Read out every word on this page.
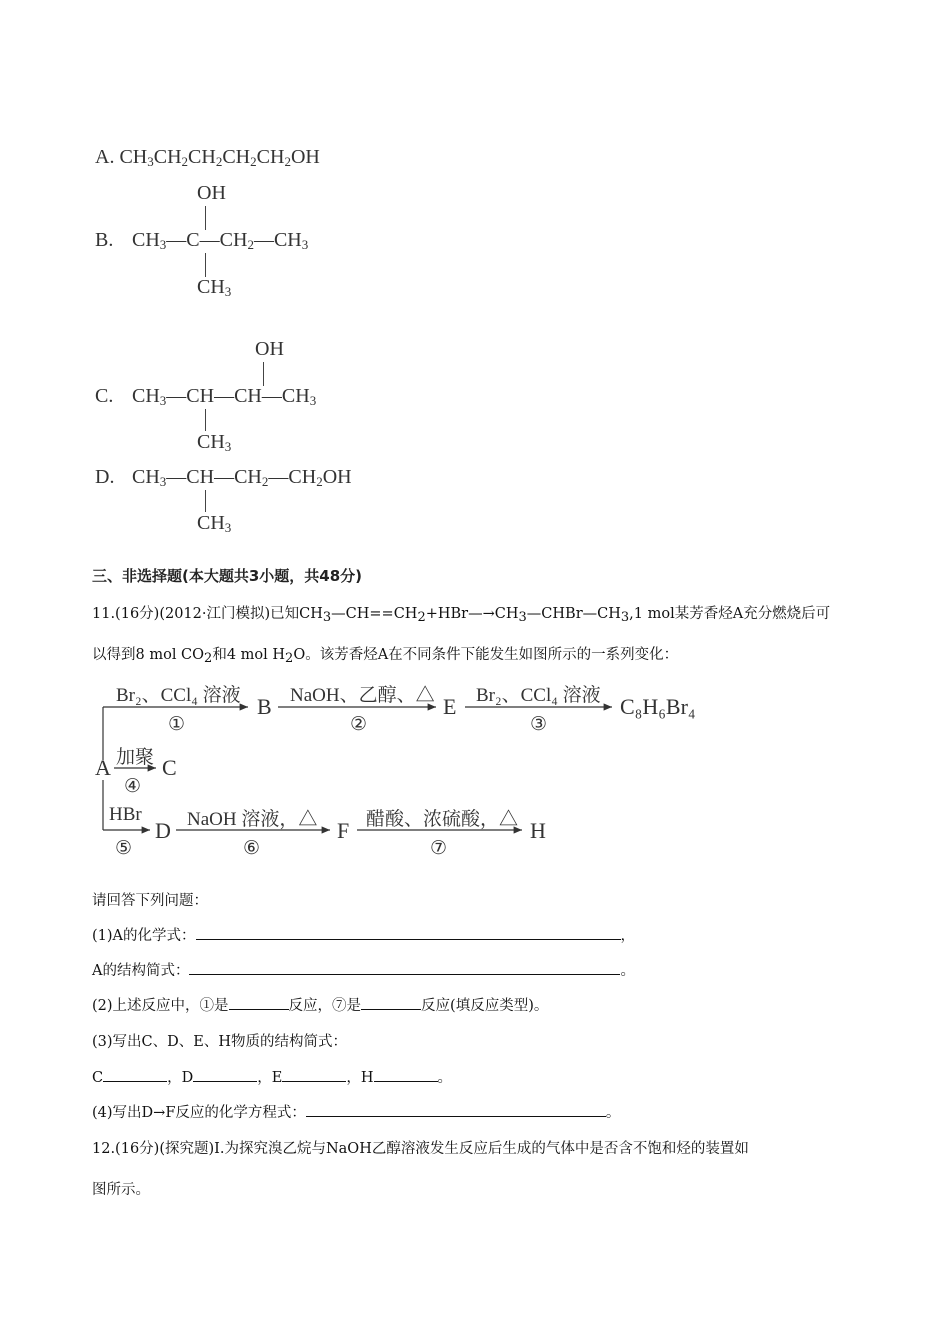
A. $CH_3CH_2CH_2CH_2CH_2OH$
OH
B. $CH_3—C—CH_2—CH_3$
$CH_3$
OH
C. $CH_3—CH—CH—CH_3$
$CH_3$
D. $CH_3—CH—CH_2—CH_2OH$
$CH_3$
三、非选择题(本大题共3小题，共48分)
11.(16分)(2012·江门模拟)已知$CH_3—CH==CH_2+HBr—\to CH_3—CHBr—CH_3,1$ mol某芳香烃A充分燃烧后可
以得到8 mol $CO_2$和4 mol $H_2O$。该芳香烃A在不同条件下能发生如图所示的一系列变化：
Br₂、CCl₄ 溶液
①
B NaOH、乙醇、△
②
E Br₂、CCl₄ 溶液
③
C₈H₆Br₄
A 加聚
④
C
HBr
⑤
D NaOH 溶液，△
⑥
F 醋酸、浓硫酸，△
⑦
H
请回答下列问题：
(1)A的化学式：	，
A的结构简式：	。
(2)上述反应中，①是	反应，⑦是	反应(填反应类型)。
(3)写出C、D、E、H物质的结构简式：
C	，D	，E	，H	。
(4)写出D→F反应的化学方程式：	。
12.(16分)(探究题)Ⅰ.为探究溴乙烷与NaOH乙醇溶液发生反应后生成的气体中是否含不饱和烃的装置如
图所示。
